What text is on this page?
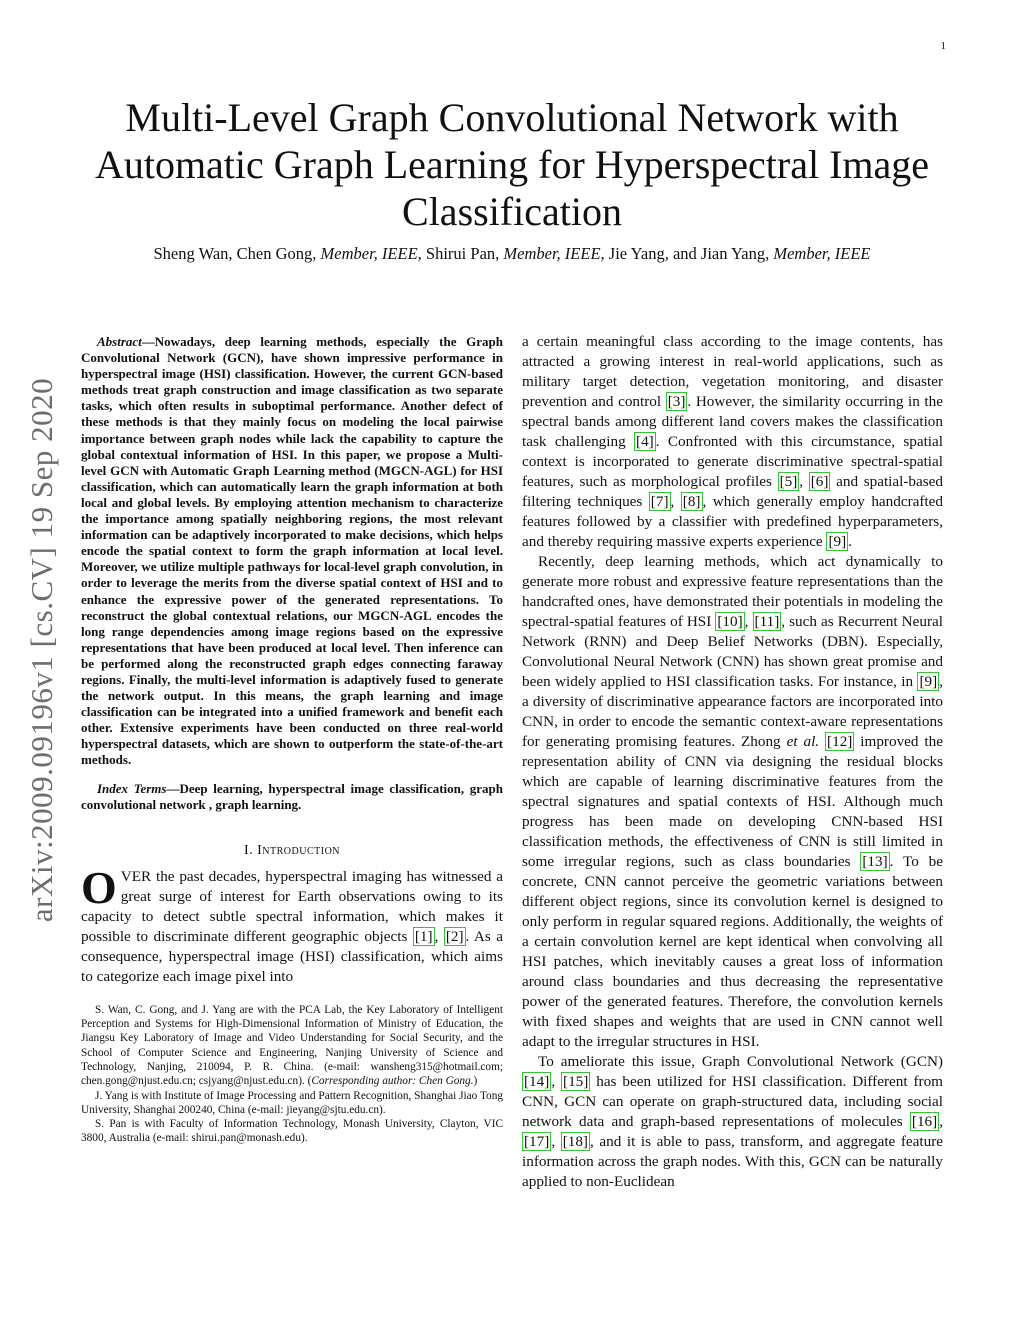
1
arXiv:2009.09196v1 [cs.CV] 19 Sep 2020
Multi-Level Graph Convolutional Network with
Automatic Graph Learning for Hyperspectral Image
Classification
Sheng Wan, Chen Gong, Member, IEEE, Shirui Pan, Member, IEEE, Jie Yang, and Jian Yang, Member, IEEE

Abstract—Nowadays, deep learning methods, especially the Graph Convolutional Network (GCN), have shown impressive performance in hyperspectral image (HSI) classification. However, the current GCN-based methods treat graph construction and image classification as two separate tasks, which often results in suboptimal performance. Another defect of these methods is that they mainly focus on modeling the local pairwise importance between graph nodes while lack the capability to capture the global contextual information of HSI. In this paper, we propose a Multi-level GCN with Automatic Graph Learning method (MGCN-AGL) for HSI classification, which can automatically learn the graph information at both local and global levels. By employing attention mechanism to characterize the importance among spatially neighboring regions, the most relevant information can be adaptively incorporated to make decisions, which helps encode the spatial context to form the graph information at local level. Moreover, we utilize multiple pathways for local-level graph convolution, in order to leverage the merits from the diverse spatial context of HSI and to enhance the expressive power of the generated representations. To reconstruct the global contextual relations, our MGCN-AGL encodes the long range dependencies among image regions based on the expressive representations that have been produced at local level. Then inference can be performed along the reconstructed graph edges connecting faraway regions. Finally, the multi-level information is adaptively fused to generate the network output. In this means, the graph learning and image classification can be integrated into a unified framework and benefit each other. Extensive experiments have been conducted on three real-world hyperspectral datasets, which are shown to outperform the state-of-the-art methods.

Index Terms—Deep learning, hyperspectral image classification, graph convolutional network , graph learning.

I. Introduction

OVER the past decades, hyperspectral imaging has witnessed a great surge of interest for Earth observations owing to its capacity to detect subtle spectral information, which makes it possible to discriminate different geographic objects [1] , [2] . As a consequence, hyperspectral image (HSI) classification, which aims to categorize each image pixel into

S. Wan, C. Gong, and J. Yang are with the PCA Lab, the Key Laboratory of Intelligent Perception and Systems for High-Dimensional Information of Ministry of Education, the Jiangsu Key Laboratory of Image and Video Understanding for Social Security, and the School of Computer Science and Engineering, Nanjing University of Science and Technology, Nanjing, 210094, P. R. China. (e-mail: wansheng315@hotmail.com; chen.gong@njust.edu.cn; csjyang@njust.edu.cn). (Corresponding author: Chen Gong.)

J. Yang is with Institute of Image Processing and Pattern Recognition, Shanghai Jiao Tong University, Shanghai 200240, China (e-mail: jieyang@sjtu.edu.cn).

S. Pan is with Faculty of Information Technology, Monash University, Clayton, VIC 3800, Australia (e-mail: shirui.pan@monash.edu).

a certain meaningful class according to the image contents, has attracted a growing interest in real-world applications, such as military target detection, vegetation monitoring, and disaster prevention and control [3] . However, the similarity occurring in the spectral bands among different land covers makes the classification task challenging [4] . Confronted with this circumstance, spatial context is incorporated to generate discriminative spectral-spatial features, such as morphological profiles [5] , [6] and spatial-based filtering techniques [7] , [8] , which generally employ handcrafted features followed by a classifier with predefined hyperparameters, and thereby requiring massive experts experience [9] .

Recently, deep learning methods, which act dynamically to generate more robust and expressive feature representations than the handcrafted ones, have demonstrated their potentials in modeling the spectral-spatial features of HSI [10] , [11] , such as Recurrent Neural Network (RNN) and Deep Belief Networks (DBN). Especially, Convolutional Neural Network (CNN) has shown great promise and been widely applied to HSI classification tasks. For instance, in [9] , a diversity of discriminative appearance factors are incorporated into CNN, in order to encode the semantic context-aware representations for generating promising features. Zhong et al. [12] improved the representation ability of CNN via designing the residual blocks which are capable of learning discriminative features from the spectral signatures and spatial contexts of HSI. Although much progress has been made on developing CNN-based HSI classification methods, the effectiveness of CNN is still limited in some irregular regions, such as class boundaries [13] . To be concrete, CNN cannot perceive the geometric variations between different object regions, since its convolution kernel is designed to only perform in regular squared regions. Additionally, the weights of a certain convolution kernel are kept identical when convolving all HSI patches, which inevitably causes a great loss of information around class boundaries and thus decreasing the representative power of the generated features. Therefore, the convolution kernels with fixed shapes and weights that are used in CNN cannot well adapt to the irregular structures in HSI.

To ameliorate this issue, Graph Convolutional Network (GCN) [14] , [15] has been utilized for HSI classification. Different from CNN, GCN can operate on graph-structured data, including social network data and graph-based representations of molecules [16] , [17] , [18] , and it is able to pass, transform, and aggregate feature information across the graph nodes. With this, GCN can be naturally applied to non-Euclidean
